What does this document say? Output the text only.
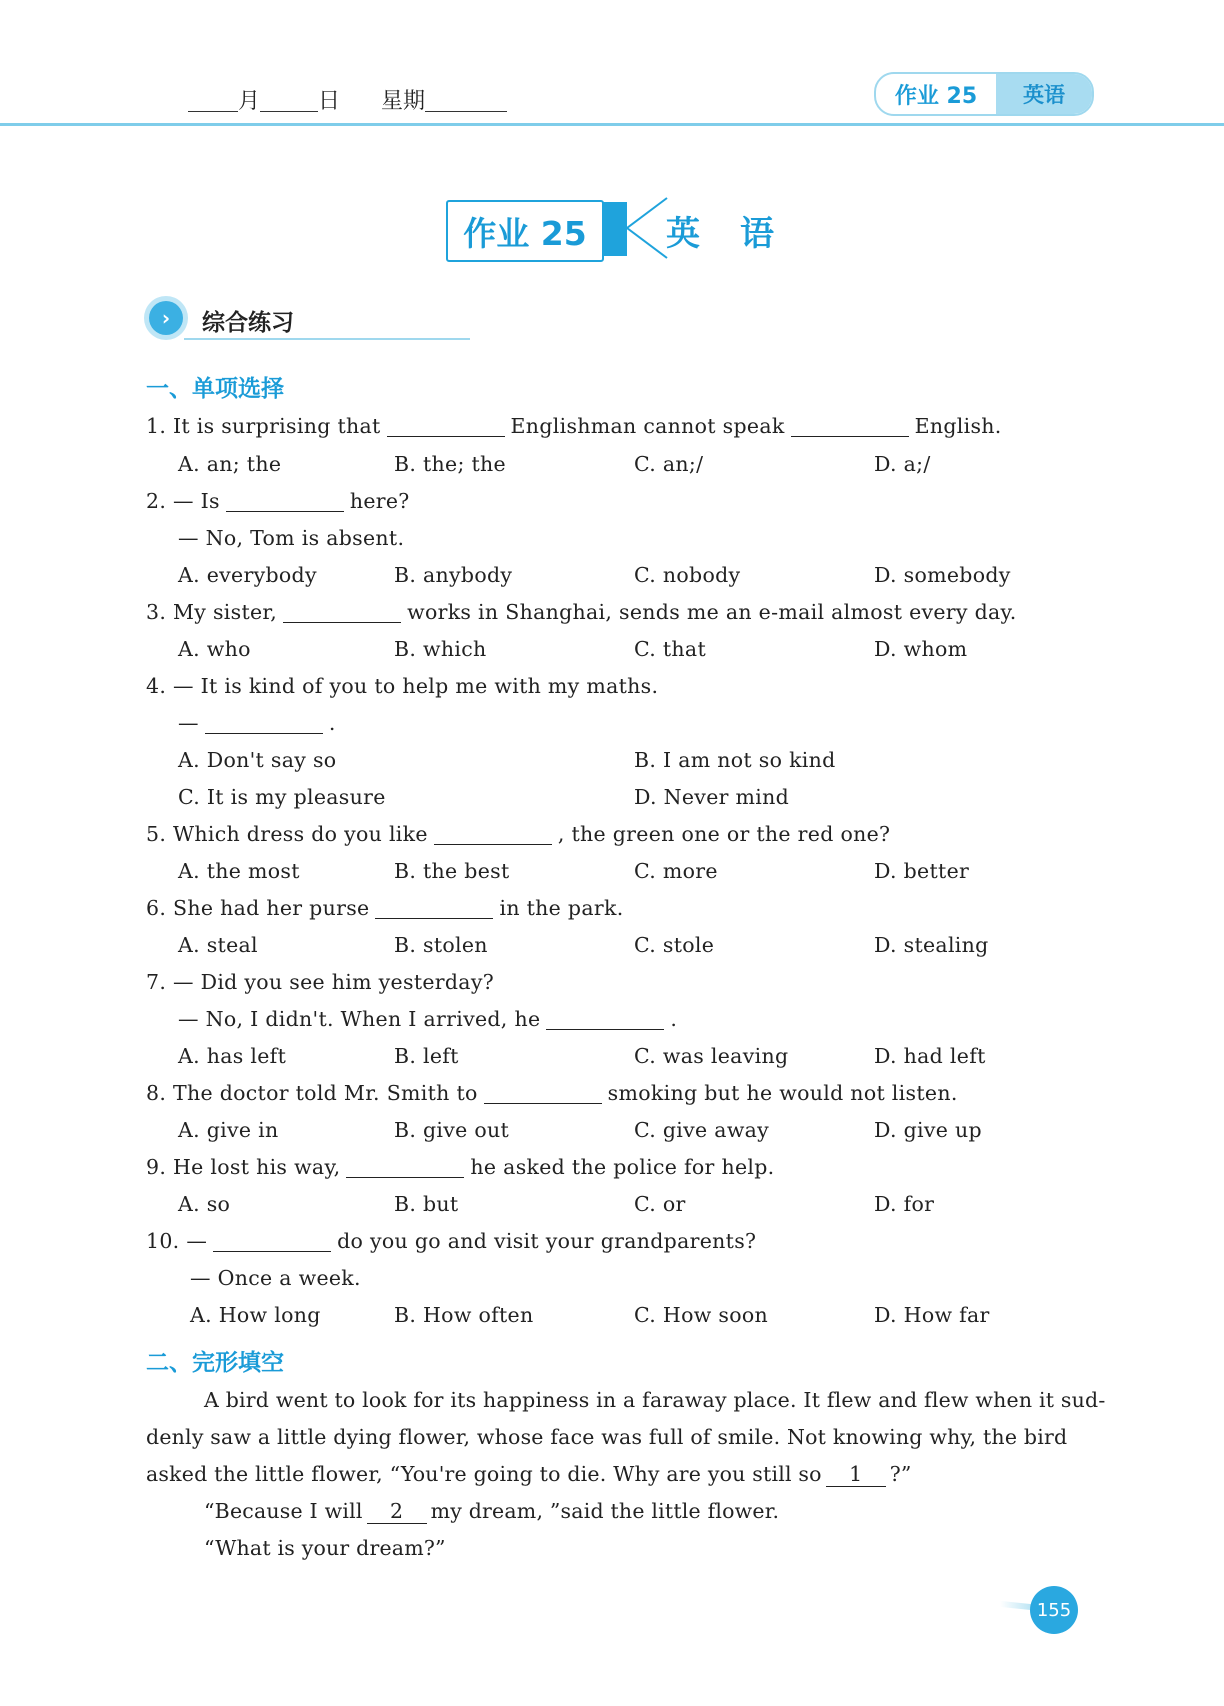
月	日 星期	作业 25	英语
作业 25	英语
›	综合练习
一、单项选择
1. It is surprising that	Englishman cannot speak	English.
A. an; the	B. the; the	C. an;/	D. a;/
2. — Is	here?
— No, Tom is absent.
A. everybody	B. anybody	C. nobody	D. somebody
3. My sister,	works in Shanghai, sends me an e-mail almost every day.
A. who	B. which	C. that	D. whom
4. — It is kind of you to help me with my maths.
—	.
A. Don't say so	B. I am not so kind
C. It is my pleasure	D. Never mind
5. Which dress do you like	, the green one or the red one?
A. the most	B. the best	C. more	D. better
6. She had her purse	in the park.
A. steal	B. stolen	C. stole	D. stealing
7. — Did you see him yesterday?
— No, I didn't. When I arrived, he	.
A. has left	B. left	C. was leaving	D. had left
8. The doctor told Mr. Smith to	smoking but he would not listen.
A. give in	B. give out	C. give away	D. give up
9. He lost his way,	he asked the police for help.
A. so	B. but	C. or	D. for
10. —	do you go and visit your grandparents?
— Once a week.
A. How long	B. How often	C. How soon	D. How far
二、完形填空
A bird went to look for its happiness in a faraway place. It flew and flew when it sud-
denly saw a little dying flower, whose face was full of smile. Not knowing why, the bird
asked the little flower, “You're going to die. Why are you still so 1 ?”
“Because I will 2 my dream, ”said the little flower.
“What is your dream?”
155
